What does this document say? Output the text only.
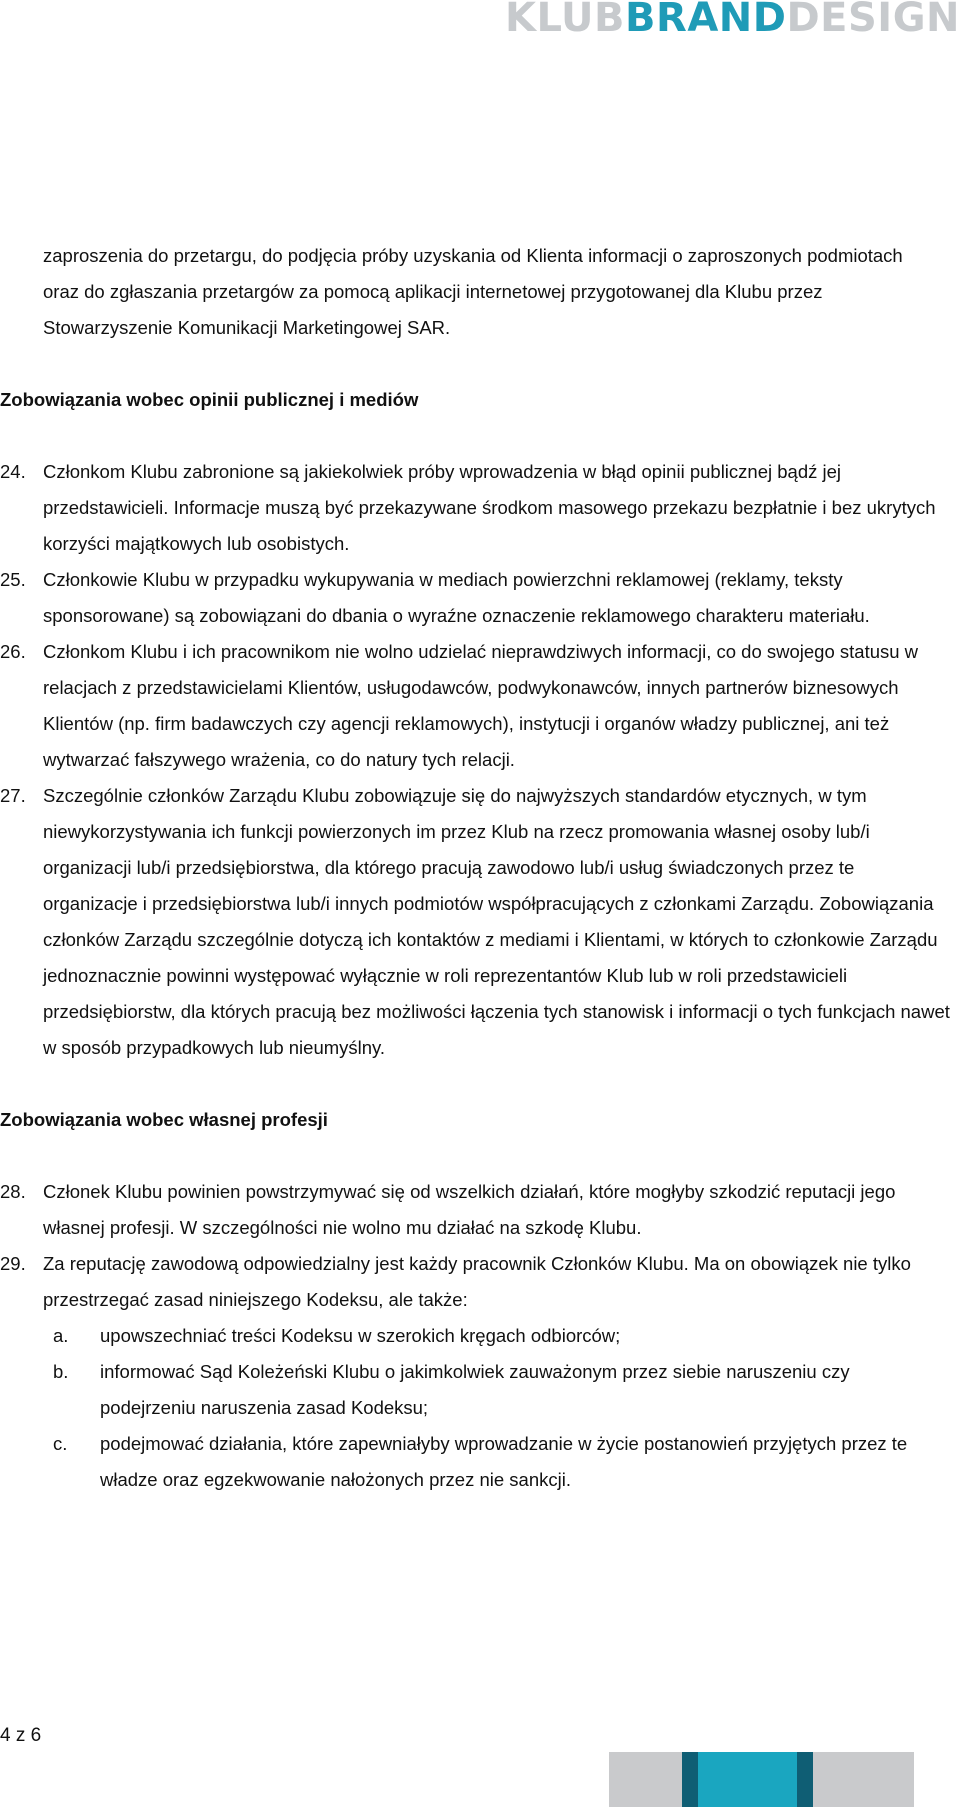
KLUBBRANDDESIGN

zaproszenia do przetargu, do podjęcia próby uzyskania od Klienta informacji o zaproszonych podmiotach oraz do zgłaszania przetargów za pomocą aplikacji internetowej przygotowanej dla Klubu przez Stowarzyszenie Komunikacji Marketingowej SAR.

Zobowiązania wobec opinii publicznej i mediów
24. Członkom Klubu zabronione są jakiekolwiek próby wprowadzenia w błąd opinii publicznej bądź jej przedstawicieli. Informacje muszą być przekazywane środkom masowego przekazu bezpłatnie i bez ukrytych korzyści majątkowych lub osobistych.
25. Członkowie Klubu w przypadku wykupywania w mediach powierzchni reklamowej (reklamy, teksty sponsorowane) są zobowiązani do dbania o wyraźne oznaczenie reklamowego charakteru materiału.
26. Członkom Klubu i ich pracownikom nie wolno udzielać nieprawdziwych informacji, co do swojego statusu w relacjach z przedstawicielami Klientów, usługodawców, podwykonawców, innych partnerów biznesowych Klientów (np. firm badawczych czy agencji reklamowych), instytucji i organów władzy publicznej, ani też wytwarzać fałszywego wrażenia, co do natury tych relacji.
27. Szczególnie członków Zarządu Klubu zobowiązuje się do najwyższych standardów etycznych, w tym niewykorzystywania ich funkcji powierzonych im przez Klub na rzecz promowania własnej osoby lub/i organizacji lub/i przedsiębiorstwa, dla którego pracują zawodowo lub/i usług świadczonych przez te organizacje i przedsiębiorstwa lub/i innych podmiotów współpracujących z członkami Zarządu. Zobowiązania członków Zarządu szczególnie dotyczą ich kontaktów z mediami i Klientami, w których to członkowie Zarządu jednoznacznie powinni występować wyłącznie w roli reprezentantów Klub lub w roli przedstawicieli przedsiębiorstw, dla których pracują bez możliwości łączenia tych stanowisk i informacji o tych funkcjach nawet w sposób przypadkowych lub nieumyślny.
Zobowiązania wobec własnej profesji
28. Członek Klubu powinien powstrzymywać się od wszelkich działań, które mogłyby szkodzić reputacji jego własnej profesji. W szczególności nie wolno mu działać na szkodę Klubu.
29. Za reputację zawodową odpowiedzialny jest każdy pracownik Członków Klubu. Ma on obowiązek nie tylko przestrzegać zasad niniejszego Kodeksu, ale także:
a. upowszechniać treści Kodeksu w szerokich kręgach odbiorców;
b. informować Sąd Koleżeński Klubu o jakimkolwiek zauważonym przez siebie naruszeniu czy podejrzeniu naruszenia zasad Kodeksu;
c. podejmować działania, które zapewniałyby wprowadzanie w życie postanowień przyjętych przez te władze oraz egzekwowanie nałożonych przez nie sankcji.
4 z 6
